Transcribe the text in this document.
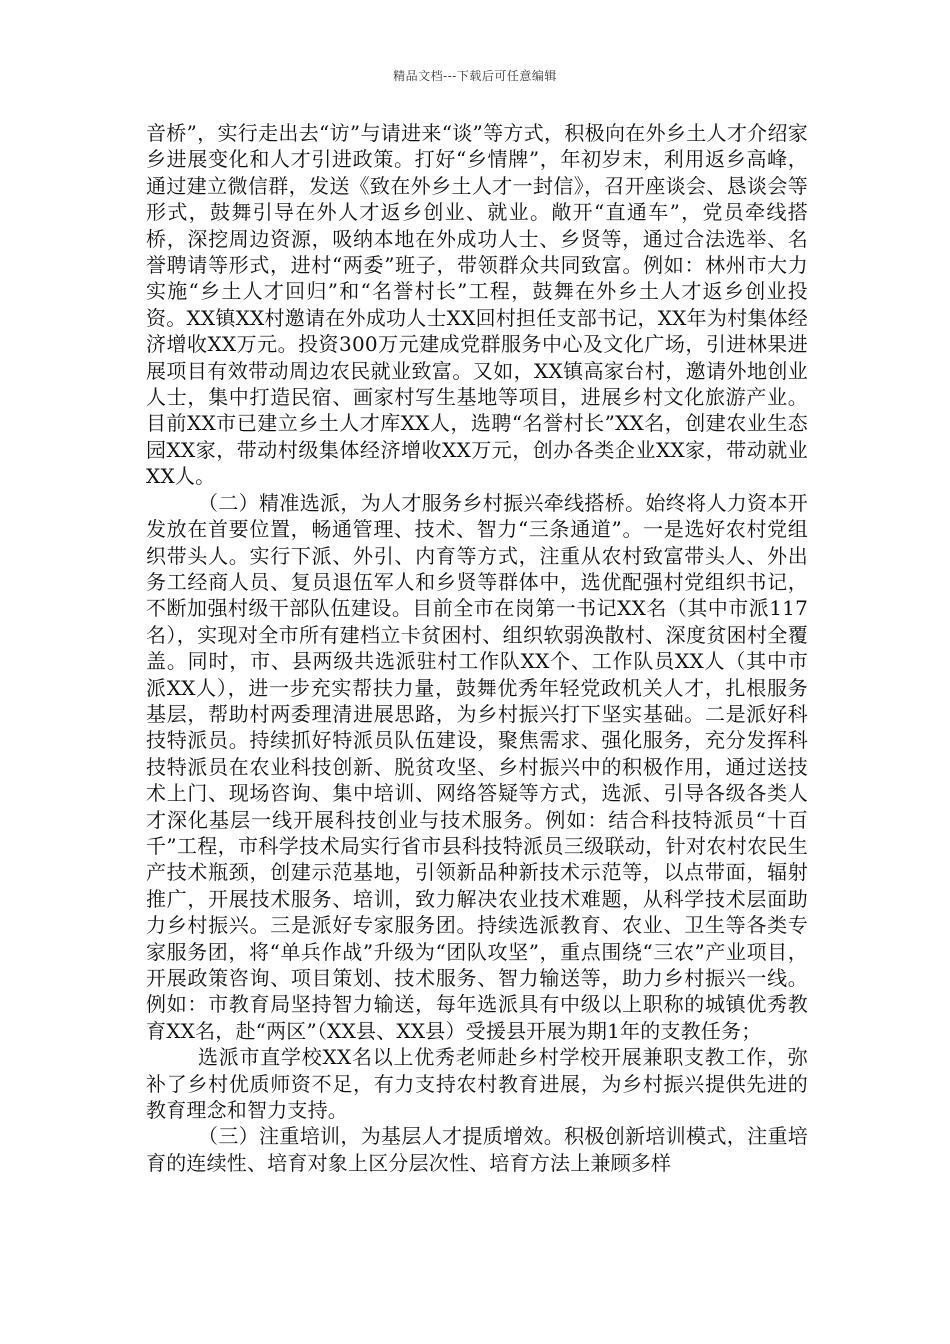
精品文档---下载后可任意编辑

音桥”，实行走出去“访”与请进来“谈”等方式，积极向在外乡土人才介绍家乡进展变化和人才引进政策。打好“乡情牌”，年初岁末，利用返乡高峰，通过建立微信群，发送《致在外乡土人才一封信》，召开座谈会、恳谈会等形式，鼓舞引导在外人才返乡创业、就业。敞开“直通车”，党员牵线搭桥，深挖周边资源，吸纳本地在外成功人士、乡贤等，通过合法选举、名誉聘请等形式，进村“两委”班子，带领群众共同致富。例如：林州市大力实施“乡土人才回归”和“名誉村长”工程，鼓舞在外乡土人才返乡创业投资。XX镇XX村邀请在外成功人士XX回村担任支部书记，XX年为村集体经济增收XX万元。投资300万元建成党群服务中心及文化广场，引进林果进展项目有效带动周边农民就业致富。又如，XX镇高家台村，邀请外地创业人士，集中打造民宿、画家村写生基地等项目，进展乡村文化旅游产业。目前XX市已建立乡土人才库XX人，选聘“名誉村长”XX名，创建农业生态园XX家，带动村级集体经济增收XX万元，创办各类企业XX家，带动就业XX人。

（二）精准选派，为人才服务乡村振兴牵线搭桥。始终将人力资本开发放在首要位置，畅通管理、技术、智力“三条通道”。一是选好农村党组织带头人。实行下派、外引、内育等方式，注重从农村致富带头人、外出务工经商人员、复员退伍军人和乡贤等群体中，选优配强村党组织书记，不断加强村级干部队伍建设。目前全市在岗第一书记XX名（其中市派117名），实现对全市所有建档立卡贫困村、组织软弱涣散村、深度贫困村全覆盖。同时，市、县两级共选派驻村工作队XX个、工作队员XX人（其中市派XX人），进一步充实帮扶力量，鼓舞优秀年轻党政机关人才，扎根服务基层，帮助村两委理清进展思路，为乡村振兴打下坚实基础。二是派好科技特派员。持续抓好特派员队伍建设，聚焦需求、强化服务，充分发挥科技特派员在农业科技创新、脱贫攻坚、乡村振兴中的积极作用，通过送技术上门、现场咨询、集中培训、网络答疑等方式，选派、引导各级各类人才深化基层一线开展科技创业与技术服务。例如：结合科技特派员“十百千”工程，市科学技术局实行省市县科技特派员三级联动，针对农村农民生产技术瓶颈，创建示范基地，引领新品种新技术示范等，以点带面，辐射推广，开展技术服务、培训，致力解决农业技术难题，从科学技术层面助力乡村振兴。三是派好专家服务团。持续选派教育、农业、卫生等各类专家服务团，将“单兵作战”升级为“团队攻坚”，重点围绕“三农”产业项目，开展政策咨询、项目策划、技术服务、智力输送等，助力乡村振兴一线。例如：市教育局坚持智力输送，每年选派具有中级以上职称的城镇优秀教育XX名，赴“两区”（XX县、XX县）受援县开展为期1年的支教任务；

选派市直学校XX名以上优秀老师赴乡村学校开展兼职支教工作，弥补了乡村优质师资不足，有力支持农村教育进展，为乡村振兴提供先进的教育理念和智力支持。

（三）注重培训，为基层人才提质增效。积极创新培训模式，注重培育的连续性、培育对象上区分层次性、培育方法上兼顾多样
